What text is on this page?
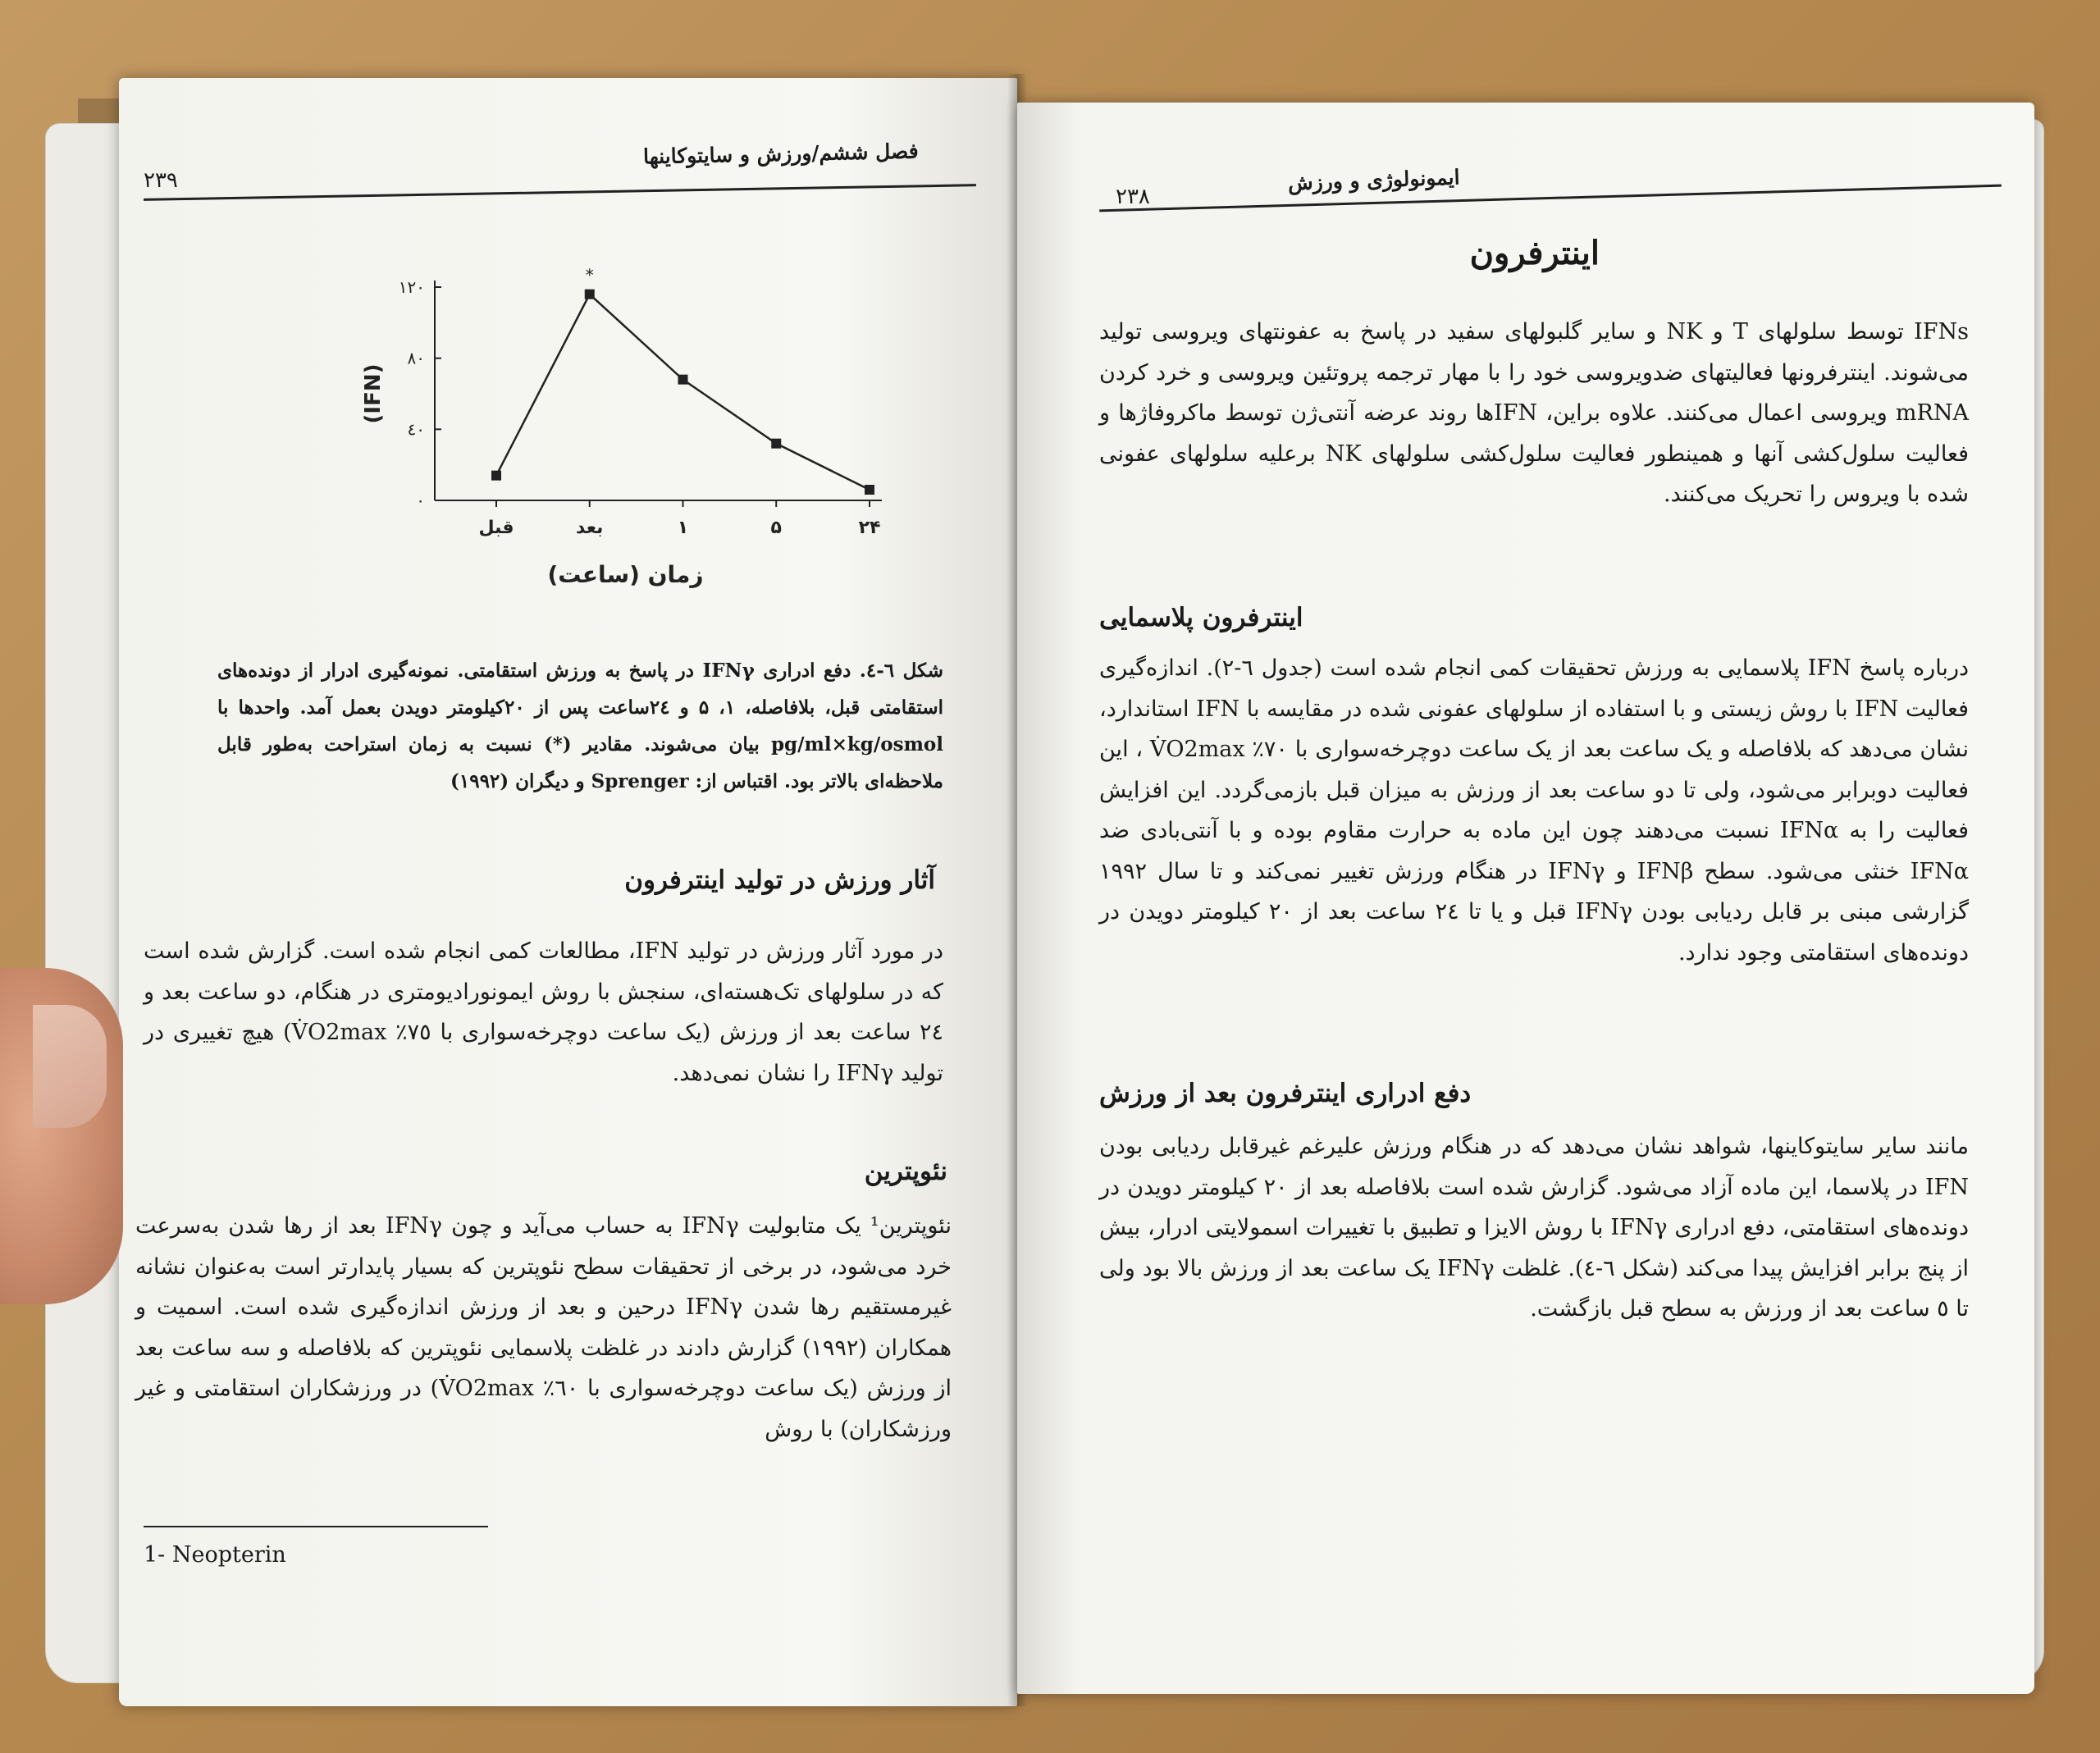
۲۳۹
فصل ششم/ورزش و سایتوکاینها
۰
٤٠
۸۰
۱۲۰
قبل	بعد	۱	۵	۲۴
*
(IFN)
زمان (ساعت)
شکل ٦-٤. دفع ادراری IFNγ در پاسخ به ورزش استقامتی. نمونه‌گیری ادرار از دونده‌های استقامتی قبل، بلافاصله، ۱، ۵ و ۲٤ساعت پس از ۲۰کیلومتر دویدن بعمل آمد. واحدها با pg/ml×kg/osmol بیان می‌شوند. مقادیر (*) نسبت به زمان استراحت به‌طور قابل ملاحظه‌ای بالاتر بود. اقتباس از: Sprenger و دیگران (۱۹۹۲)
آثار ورزش در تولید اینترفرون
در مورد آثار ورزش در تولید IFN، مطالعات کمی انجام شده است. گزارش شده است که در سلولهای تک‌هسته‌ای، سنجش با روش ایمونورادیومتری در هنگام، دو ساعت بعد و ٢٤ ساعت بعد از ورزش (یک ساعت دوچرخه‌سواری با ٧٥٪ V̇O2max) هیچ تغییری در تولید IFNγ را نشان نمی‌دهد.
نئوپترین
نئوپترین¹ یک متابولیت IFNγ به حساب می‌آید و چون IFNγ بعد از رها شدن به‌سرعت خرد می‌شود، در برخی از تحقیقات سطح نئوپترین که بسیار پایدارتر است به‌عنوان نشانه غیرمستقیم رها شدن IFNγ درحین و بعد از ورزش اندازه‌گیری شده است. اسمیت و همکاران (۱۹۹۲) گزارش دادند در غلظت پلاسمایی نئوپترین که بلافاصله و سه ساعت بعد از ورزش (یک ساعت دوچرخه‌سواری با ٦٠٪ V̇O2max) در ورزشکاران استقامتی و غیر ورزشکاران) با روش
1- Neopterin
ایمونولوژی و ورزش
۲۳۸
اینترفرون
IFNs توسط سلولهای T و NK و سایر گلبولهای سفید در پاسخ به عفونتهای ویروسی تولید می‌شوند. اینترفرونها فعالیتهای ضدویروسی خود را با مهار ترجمه پروتئین ویروسی و خرد کردن mRNA ویروسی اعمال می‌کنند. علاوه براین، IFNها روند عرضه آنتی‌ژن توسط ماکروفاژها و فعالیت سلول‌کشی آنها و همینطور فعالیت سلول‌کشی سلولهای NK برعلیه سلولهای عفونی شده با ویروس را تحریک می‌کنند.
اینترفرون پلاسمایی
درباره پاسخ IFN پلاسمایی به ورزش تحقیقات کمی انجام شده است (جدول ٦-٢). اندازه‌گیری فعالیت IFN با روش زیستی و با استفاده از سلولهای عفونی شده در مقایسه با IFN استاندارد، نشان می‌دهد که بلافاصله و یک ساعت بعد از یک ساعت دوچرخه‌سواری با ٧٠٪ V̇O2max ، این فعالیت دوبرابر می‌شود، ولی تا دو ساعت بعد از ورزش به میزان قبل بازمی‌گردد. این افزایش فعالیت را به IFNα نسبت می‌دهند چون این ماده به حرارت مقاوم بوده و با آنتی‌بادی ضد IFNα خنثی می‌شود. سطح IFNβ و IFNγ در هنگام ورزش تغییر نمی‌کند و تا سال ۱۹۹۲ گزارشی مبنی بر قابل ردیابی بودن IFNγ قبل و یا تا ٢٤ ساعت بعد از ٢٠ کیلومتر دویدن در دونده‌های استقامتی وجود ندارد.
دفع ادراری اینترفرون بعد از ورزش
مانند سایر سایتوکاینها، شواهد نشان می‌دهد که در هنگام ورزش علیرغم غیرقابل ردیابی بودن IFN در پلاسما، این ماده آزاد می‌شود. گزارش شده است بلافاصله بعد از ٢٠ کیلومتر دویدن در دونده‌های استقامتی، دفع ادراری IFNγ با روش الایزا و تطبیق با تغییرات اسمولایتی ادرار، بیش از پنج برابر افزایش پیدا می‌کند (شکل ٦-٤). غلظت IFNγ یک ساعت بعد از ورزش بالا بود ولی تا ٥ ساعت بعد از ورزش به سطح قبل بازگشت.
